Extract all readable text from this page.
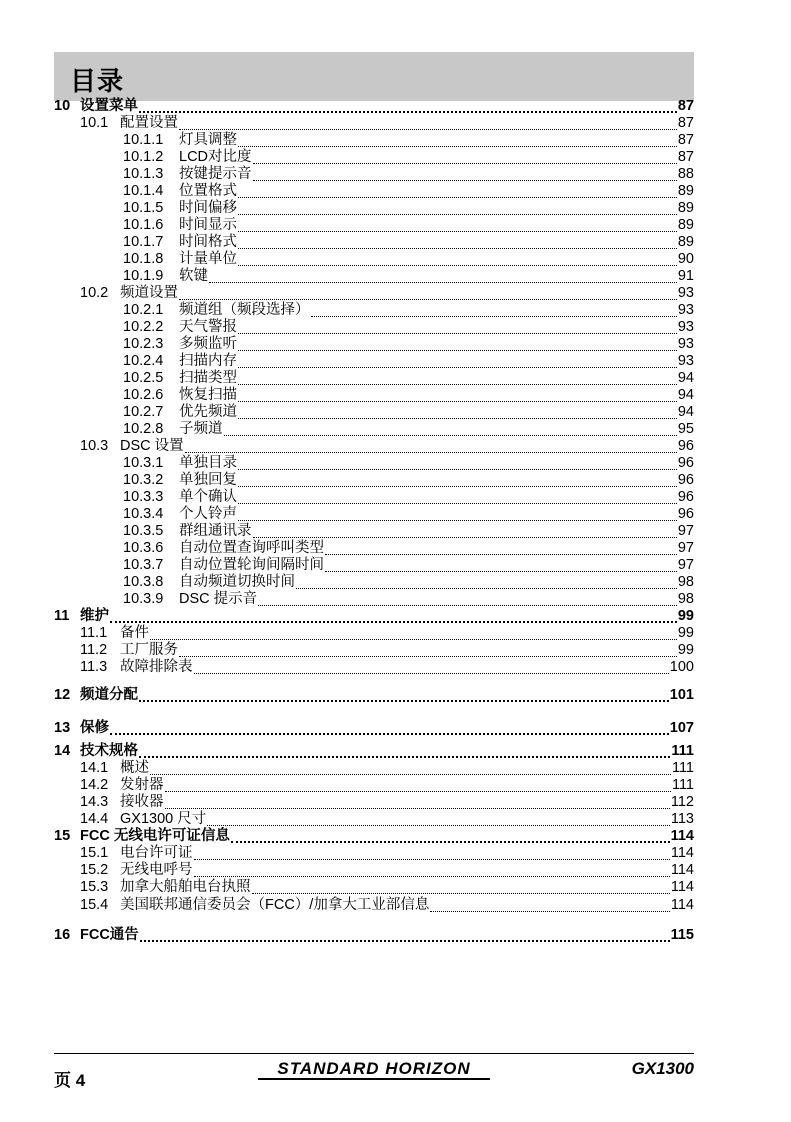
目录
10 设置菜单	87
10.1 配置设置	87
10.1.1 灯具调整	87
10.1.2 LCD对比度	87
10.1.3 按键提示音	88
10.1.4 位置格式	89
10.1.5 时间偏移	89
10.1.6 时间显示	89
10.1.7 时间格式	89
10.1.8 计量单位	90
10.1.9 软键	91
10.2 频道设置	93
10.2.1 频道组（频段选择）	93
10.2.2 天气警报	93
10.2.3 多频监听	93
10.2.4 扫描内存	93
10.2.5 扫描类型	94
10.2.6 恢复扫描	94
10.2.7 优先频道	94
10.2.8 子频道	95
10.3 DSC 设置	96
10.3.1 单独目录	96
10.3.2 单独回复	96
10.3.3 单个确认	96
10.3.4 个人铃声	96
10.3.5 群组通讯录	97
10.3.6 自动位置查询呼叫类型	97
10.3.7 自动位置轮询间隔时间	97
10.3.8 自动频道切换时间	98
10.3.9 DSC 提示音	98
11 维护	99
11.1 备件	99
11.2 工厂服务	99
11.3 故障排除表	100
12 频道分配	101
13 保修	107
14 技术规格	111
14.1 概述	111
14.2 发射器	111
14.3 接收器	112
14.4 GX1300 尺寸	113
15 FCC 无线电许可证信息	114
15.1 电台许可证	114
15.2 无线电呼号	114
15.3 加拿大船舶电台执照	114
15.4 美国联邦通信委员会（FCC）/加拿大工业部信息	114
16 FCC通告	115
页 4
STANDARD HORIZON	GX1300
